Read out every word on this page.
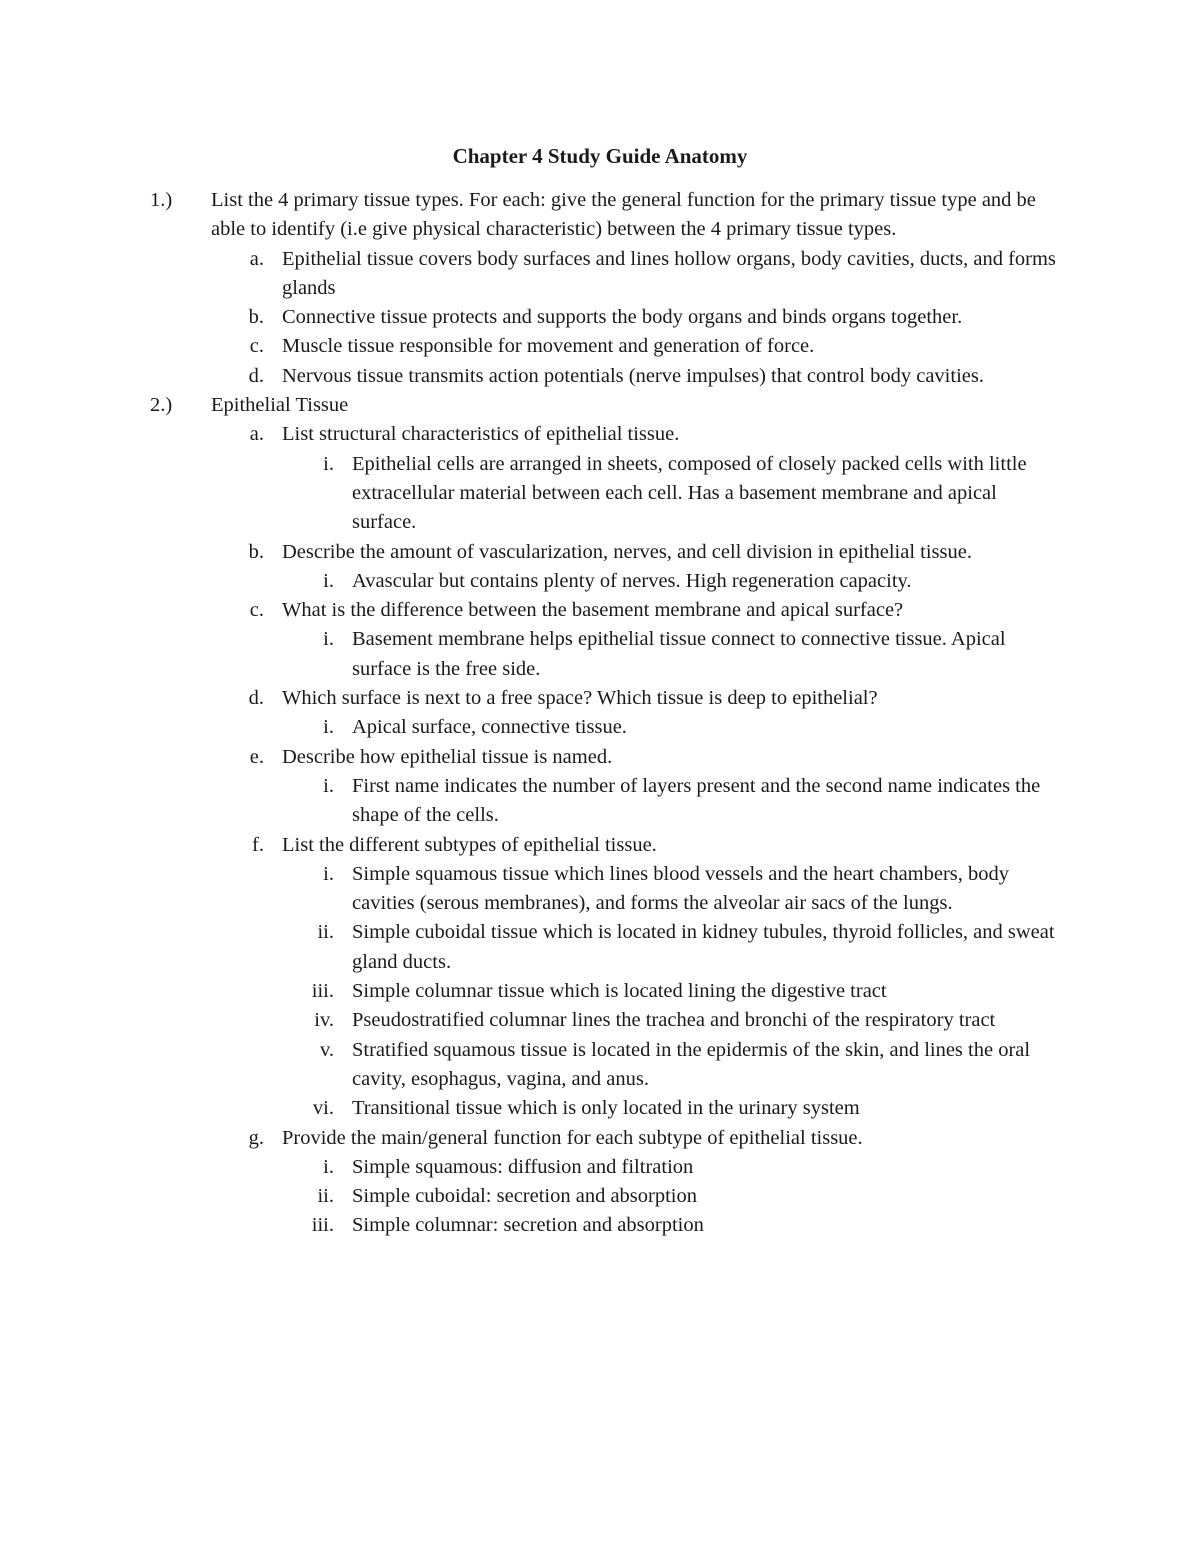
Chapter 4 Study Guide Anatomy
1.)	List the 4 primary tissue types. For each: give the general function for the primary tissue type and be able to identify (i.e give physical characteristic) between the 4 primary tissue types.
a. Epithelial tissue covers body surfaces and lines hollow organs, body cavities, ducts, and forms glands
b. Connective tissue protects and supports the body organs and binds organs together.
c. Muscle tissue responsible for movement and generation of force.
d. Nervous tissue transmits action potentials (nerve impulses) that control body cavities.
2.)	Epithelial Tissue
a. List structural characteristics of epithelial tissue.
i. Epithelial cells are arranged in sheets, composed of closely packed cells with little extracellular material between each cell. Has a basement membrane and apical surface.
b. Describe the amount of vascularization, nerves, and cell division in epithelial tissue.
i. Avascular but contains plenty of nerves. High regeneration capacity.
c. What is the difference between the basement membrane and apical surface?
i. Basement membrane helps epithelial tissue connect to connective tissue. Apical surface is the free side.
d. Which surface is next to a free space? Which tissue is deep to epithelial?
i. Apical surface, connective tissue.
e. Describe how epithelial tissue is named.
i. First name indicates the number of layers present and the second name indicates the shape of the cells.
f. List the different subtypes of epithelial tissue.
i. Simple squamous tissue which lines blood vessels and the heart chambers, body cavities (serous membranes), and forms the alveolar air sacs of the lungs.
ii. Simple cuboidal tissue which is located in kidney tubules, thyroid follicles, and sweat gland ducts.
iii. Simple columnar tissue which is located lining the digestive tract
iv. Pseudostratified columnar lines the trachea and bronchi of the respiratory tract
v. Stratified squamous tissue is located in the epidermis of the skin, and lines the oral cavity, esophagus, vagina, and anus.
vi. Transitional tissue which is only located in the urinary system
g. Provide the main/general function for each subtype of epithelial tissue.
i. Simple squamous: diffusion and filtration
ii. Simple cuboidal: secretion and absorption
iii. Simple columnar: secretion and absorption
